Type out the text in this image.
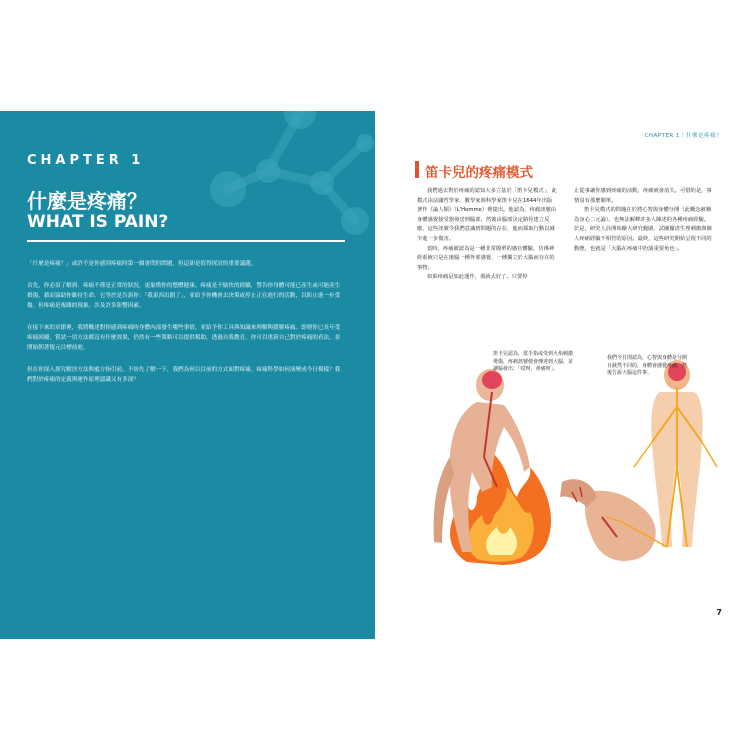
CHAPTER 1
什麼是疼痛？
WHAT IS PAIN?

「什麼是疼痛？」或許不是你感到疼痛時第一個會問的問題，但這卻是值得探討的重要議題。

首先，你必須了解到：疼痛不僅是正常的狀況，更象徵你的整體健康。疼痛是不愉快的經驗，警告你身體可能已產生或可能產生損傷，藉而協助你維持生命。它等於是告訴你：「我東西出錯了」，並給予你機會去決策或停止正在進行的活動，以防止進一步受傷。但疼痛是複雜的現象，涉及許多影響因素。

在接下來的章節裡，我將概述對你感到疼痛時身體內部發生哪些事情，並給予你工具與知識來理解與緩解疼痛。即便你已長年受疼痛困擾，嘗試一切方法都沒有什麼效果，仍然有一些策略可以提供幫助。透過自我教育，你可以重新自己對於疼痛的看法，並開始朝著復元目標前進。

但在你深入探究解決方法與處方指引前，不妨先了解一下，我們為何以目前的方式面對疼痛。疼痛科學如何演變成今日模樣？我們對於疼痛的定義與運作原理認識又有多深？

CHAPTER 1｜什麼是疼痛？
笛卡兒的疼痛模式

我們過去對於疼痛的認知大多立基於「笛卡兒模式」，此模式由法國哲學家、數學家與科學家笛卡兒在1644年出版著作《論人類》（L'Homme）裡提出。他認為，疼痛訊號由身體感覺接受器發送到腦部，然後由腦部決定路徑建立反應，這些訊號令我們意識到問題的存在，進而採取行動以減少進一步傷害。

當時，疼痛被認為是一種非常簡單的感官體驗，彷彿神經系統只是在後腦一種外部感覺，一種獨立於大腦而存在的事物。

如果疼痛是如此運作，那就太好了。只要停

止從事讓你感到疼痛的活動，疼痛就會消失。可惜的是，事情沒有那麼簡單。

笛卡兒模式的問題在於將心智與身體分開（此概念被稱為身心二元論），也無法解釋許多人陳述的各種疼痛經驗。於是，研究人員開始擴大研究範圍，試圖釐清生理刺激與個人疼痛經驗不相符的原因。最終，這些研究開始呈現不同的動態，也就是「大腦在疼痛中扮演重要角色」。

笛卡兒認為，當手指或受到火焰刺激燙傷，疼痛訊號便會傳達到大腦，並讓腦發出：「哎呀，會痛呀」。
我們今日則認為，心智與身體是分開且截然不同的，身體會感覺疼痛，然後告訴大腦這件事。
7
